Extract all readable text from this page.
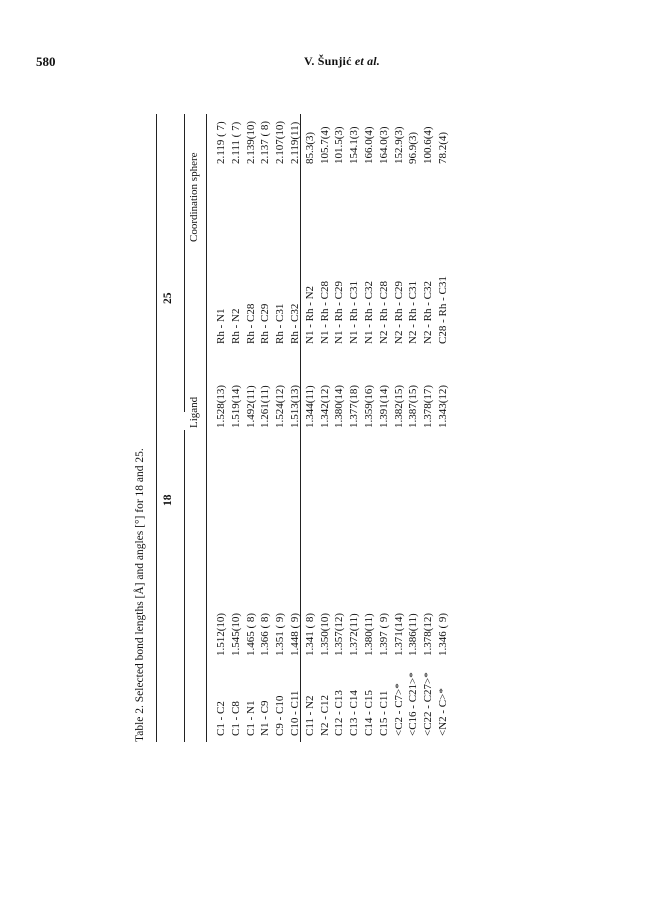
580	V. Šunjić et al.
Table 2. Selected bond lengths [Å] and angles [°] for 18 and 25. 18
25
Ligand
Coordination sphere
C1 - C2 C1 - C8 C1 - N1 N1 - C9 C9 - C10 C10 - C11 C11 - N2 N2 - C12 C12 - C13 C13 - C14 C14 - C15 C15 - C11 <C2 - C7>* <C16 - C21>* <C22 - C27>* <N2 - C>*
1.512(10) 1.545(10) 1.465 ( 8) 1.366 ( 8) 1.351 ( 9) 1.448 ( 9) 1.341 ( 8) 1.350(10) 1.357(12) 1.372(11) 1.380(11) 1.397 ( 9) 1.371(14) 1.386(11) 1.378(12) 1.346 ( 9)
1.528(13) 1.519(14) 1.492(11) 1.261(11) 1.524(12) 1.513(13) 1.344(11) 1.342(12) 1.380(14) 1.377(18) 1.359(16) 1.391(14) 1.382(15) 1.387(15) 1.378(17) 1.343(12)
Rh - N1 Rh - N2 Rh - C28 Rh - C29 Rh - C31 Rh - C32 N1 - Rh - N2 N1 - Rh - C28 N1 - Rh - C29 N1 - Rh - C31 N1 - Rh - C32 N2 - Rh - C28 N2 - Rh - C29 N2 - Rh - C31 N2 - Rh - C32 C28 - Rh - C31
2.119 ( 7) 2.111 ( 7) 2.139(10) 2.137 ( 8) 2.107(10) 2.119(11) 85.3(3) 105.7(4) 101.5(3) 154.1(3) 166.0(4) 164.0(3) 152.9(3) 96.9(3) 100.6(4) 78.2(4)
